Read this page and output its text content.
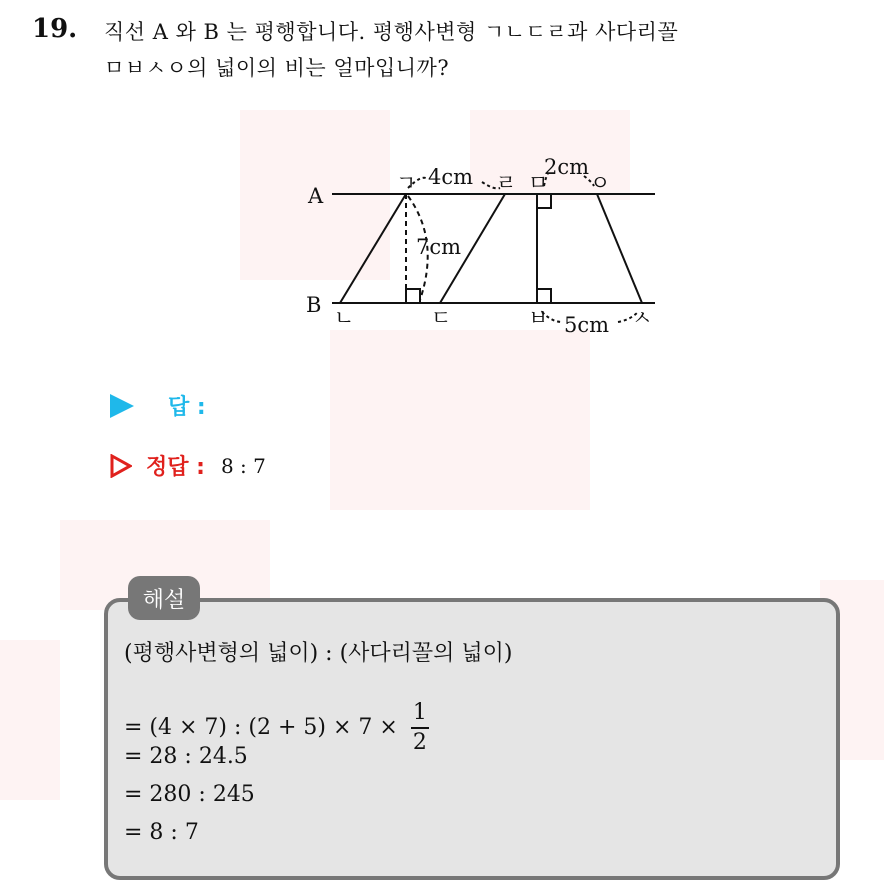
19. 직선 A 와 B 는 평행합니다. 평행사변형 ㄱㄴㄷㄹ과 사다리꼴
ㅁㅂㅅㅇ의 넓이의 비는 얼마입니까?
A
B
ㄱ
ㄴ	ㄷ
ㄹ ㅁ
ㅂ	ㅅ
ㅇ
4cm
7cm
2cm
5cm
답 :
정답 : 8 : 7
해설
(평행사변형의 넓이) : (사다리꼴의 넓이)
= (4 × 7) : $(2 + 5) \times 7 \times \frac{1}{2}$
= 28 : 24.5
= 280 : 245
= 8 : 7
